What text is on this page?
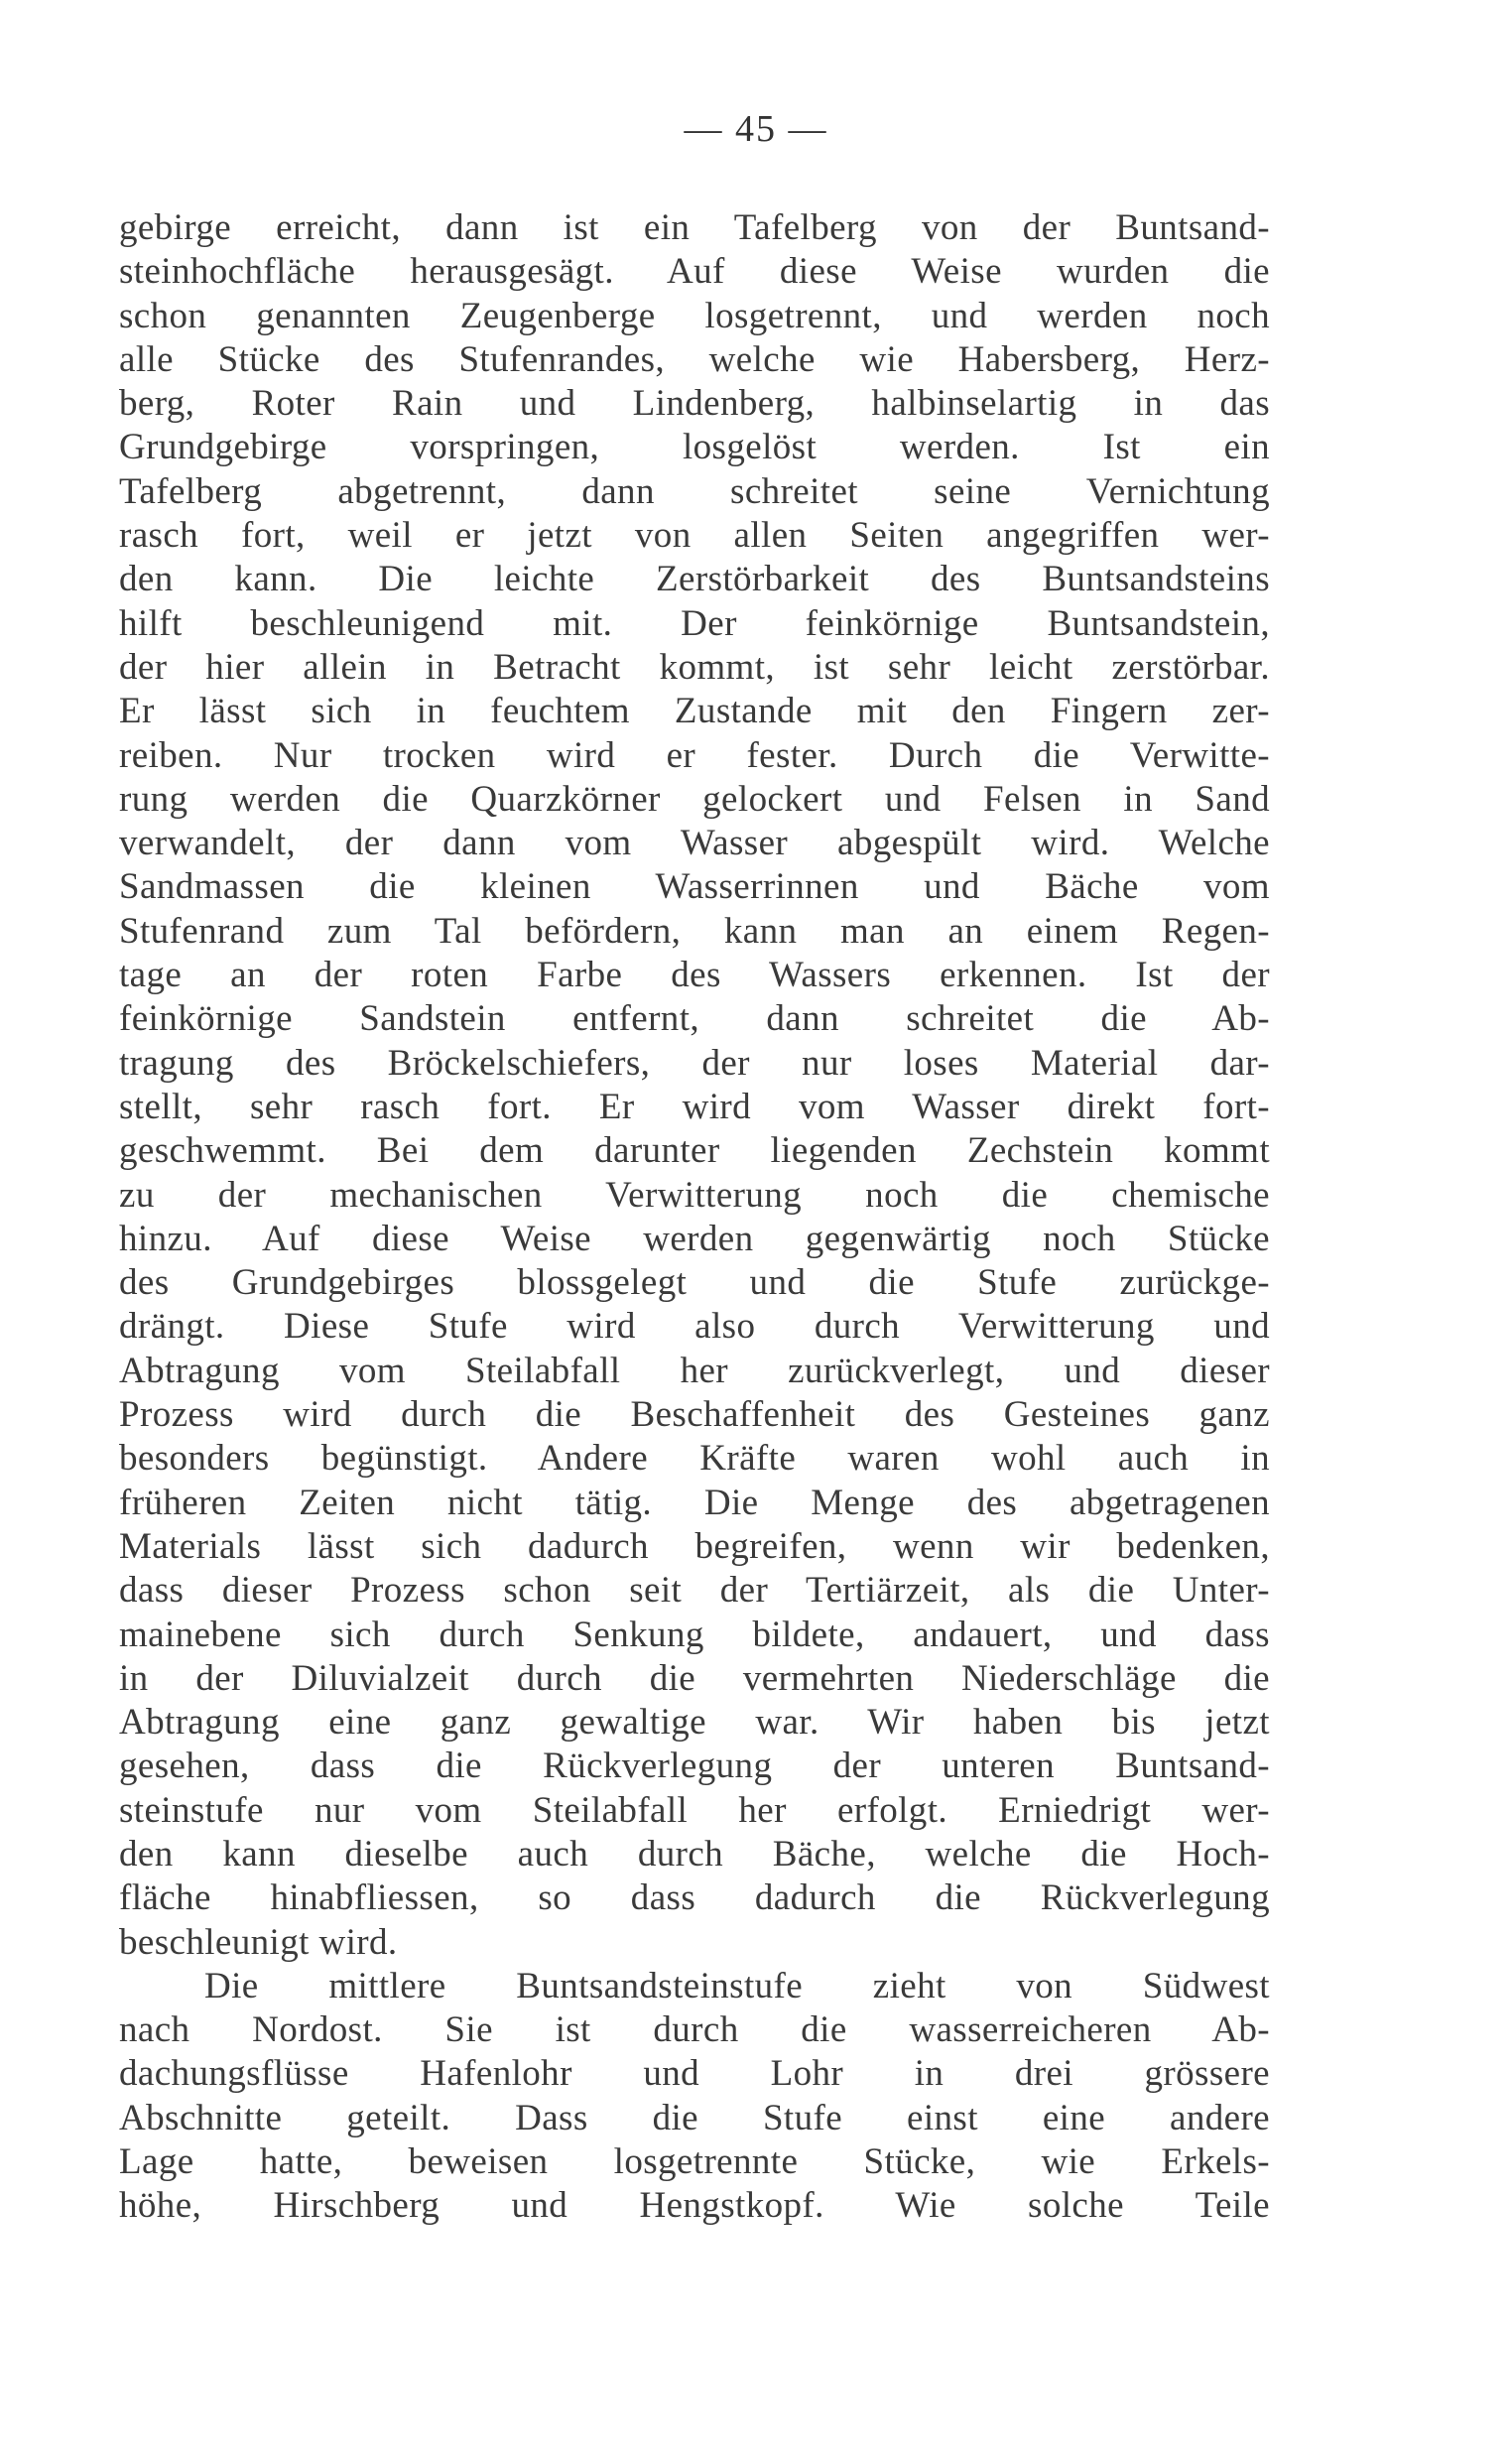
— 45 —
gebirge erreicht, dann ist ein Tafelberg von der Buntsand-
steinhochfläche herausgesägt. Auf diese Weise wurden die
schon genannten Zeugenberge losgetrennt, und werden noch
alle Stücke des Stufenrandes, welche wie Habersberg, Herz-
berg, Roter Rain und Lindenberg, halbinselartig in das
Grundgebirge vorspringen, losgelöst werden. Ist ein
Tafelberg abgetrennt, dann schreitet seine Vernichtung
rasch fort, weil er jetzt von allen Seiten angegriffen wer-
den kann. Die leichte Zerstörbarkeit des Buntsandsteins
hilft beschleunigend mit. Der feinkörnige Buntsandstein,
der hier allein in Betracht kommt, ist sehr leicht zerstörbar.
Er lässt sich in feuchtem Zustande mit den Fingern zer-
reiben. Nur trocken wird er fester. Durch die Verwitte-
rung werden die Quarzkörner gelockert und Felsen in Sand
verwandelt, der dann vom Wasser abgespült wird. Welche
Sandmassen die kleinen Wasserrinnen und Bäche vom
Stufenrand zum Tal befördern, kann man an einem Regen-
tage an der roten Farbe des Wassers erkennen. Ist der
feinkörnige Sandstein entfernt, dann schreitet die Ab-
tragung des Bröckelschiefers, der nur loses Material dar-
stellt, sehr rasch fort. Er wird vom Wasser direkt fort-
geschwemmt. Bei dem darunter liegenden Zechstein kommt
zu der mechanischen Verwitterung noch die chemische
hinzu. Auf diese Weise werden gegenwärtig noch Stücke
des Grundgebirges blossgelegt und die Stufe zurückge-
drängt. Diese Stufe wird also durch Verwitterung und
Abtragung vom Steilabfall her zurückverlegt, und dieser
Prozess wird durch die Beschaffenheit des Gesteines ganz
besonders begünstigt. Andere Kräfte waren wohl auch in
früheren Zeiten nicht tätig. Die Menge des abgetragenen
Materials lässt sich dadurch begreifen, wenn wir bedenken,
dass dieser Prozess schon seit der Tertiärzeit, als die Unter-
mainebene sich durch Senkung bildete, andauert, und dass
in der Diluvialzeit durch die vermehrten Niederschläge die
Abtragung eine ganz gewaltige war. Wir haben bis jetzt
gesehen, dass die Rückverlegung der unteren Buntsand-
steinstufe nur vom Steilabfall her erfolgt. Erniedrigt wer-
den kann dieselbe auch durch Bäche, welche die Hoch-
fläche hinabfliessen, so dass dadurch die Rückverlegung
beschleunigt wird.
Die mittlere Buntsandsteinstufe zieht von Südwest
nach Nordost. Sie ist durch die wasserreicheren Ab-
dachungsflüsse Hafenlohr und Lohr in drei grössere
Abschnitte geteilt. Dass die Stufe einst eine andere
Lage hatte, beweisen losgetrennte Stücke, wie Erkels-
höhe, Hirschberg und Hengstkopf. Wie solche Teile
